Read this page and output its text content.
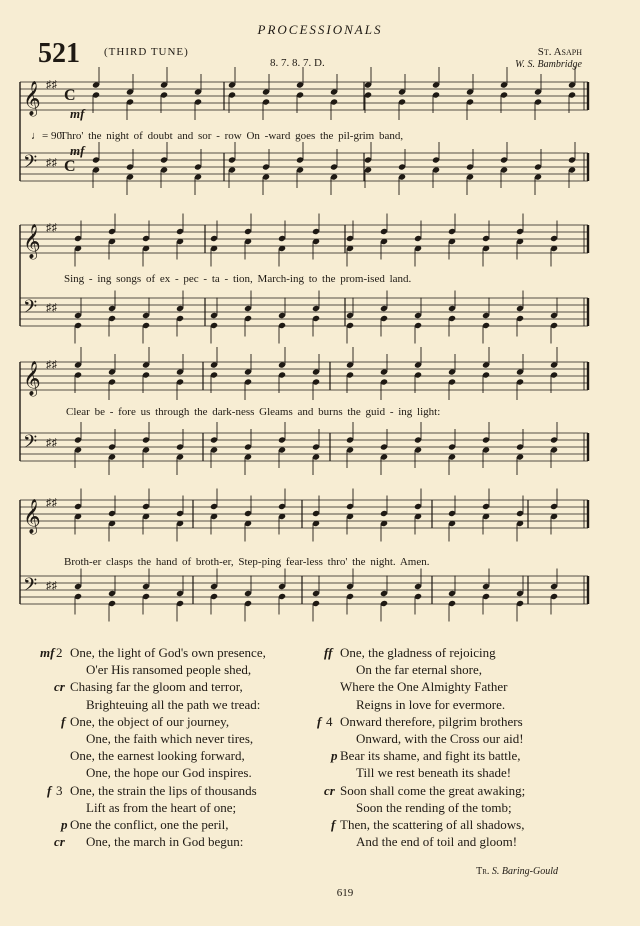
PROCESSIONALS
521 (THIRD TUNE)
8. 7. 8. 7. D.
St. Asaph
W. S. Bambridge
𝄞 ♯♯
C
𝄢 ♯♯ C
𝄞 ♯♯
𝄢 ♯♯
𝄞 ♯♯
𝄢 ♯♯
𝄞 ♯♯
𝄢 ♯♯
mf
mf
♩= 90.
Thro' the night of doubt and sor - row On -ward goes the pil-grim band,
Sing - ing songs of ex - pec - ta - tion, March-ing to the prom-ised land.
Clear be - fore us through the dark-ness Gleams and burns the guid - ing light:
Broth-er clasps the hand of broth-er, Step-ping fear-less thro' the night. Amen.
mf 2 One, the light of God's own presence,
O'er His ransomed people shed,
cr Chasing far the gloom and terror,
Brighteuing all the path we tread:
f One, the object of our journey,
One, the faith which never tires,
One, the earnest looking forward,
One, the hope our God inspires.
f 3 One, the strain the lips of thousands
Lift as from the heart of one;
p One the conflict, one the peril,
cr One, the march in God begun:
ff One, the gladness of rejoicing
On the far eternal shore,
Where the One Almighty Father
Reigns in love for evermore.
f 4 Onward therefore, pilgrim brothers
Onward, with the Cross our aid!
p Bear its shame, and fight its battle,
Till we rest beneath its shade!
cr Soon shall come the great awaking;
Soon the rending of the tomb;
f Then, the scattering of all shadows,
And the end of toil and gloom!
Tr. S. Baring-Gould
619
